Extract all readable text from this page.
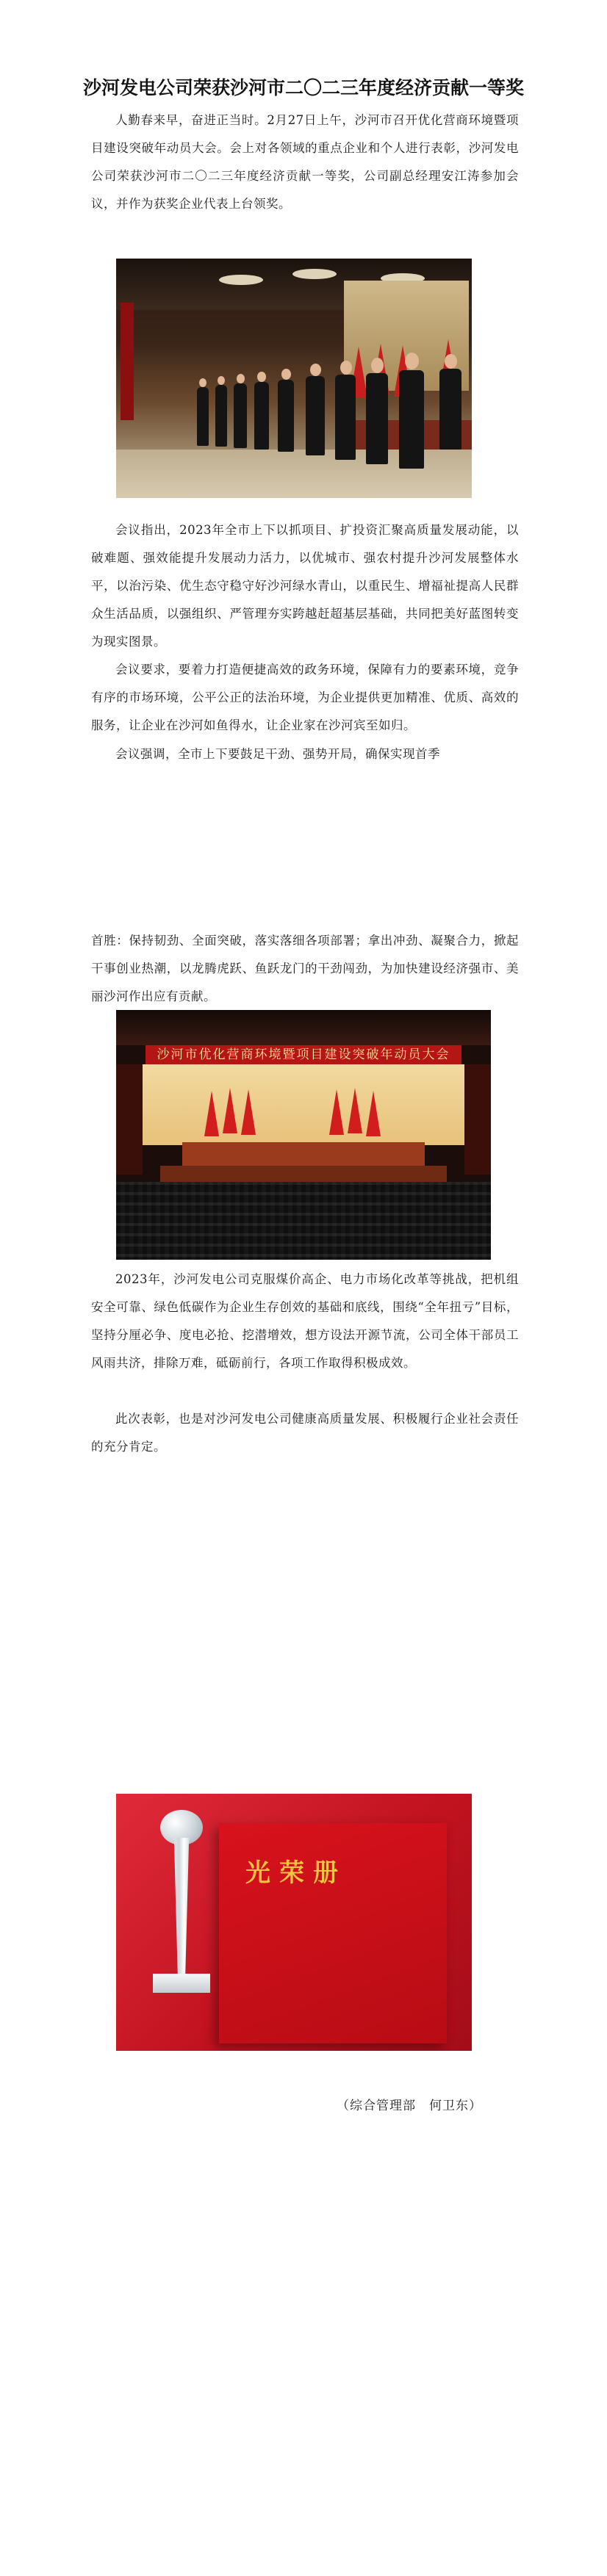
沙河发电公司荣获沙河市二〇二三年度经济贡献一等奖

人勤春来早，奋进正当时。2月27日上午，沙河市召开优化营商环境暨项目建设突破年动员大会。会上对各领域的重点企业和个人进行表彰，沙河发电公司荣获沙河市二〇二三年度经济贡献一等奖，公司副总经理安江涛参加会议，并作为获奖企业代表上台领奖。

会议指出，2023年全市上下以抓项目、扩投资汇聚高质量发展动能，以破难题、强效能提升发展动力活力，以优城市、强农村提升沙河发展整体水平，以治污染、优生态守稳守好沙河绿水青山，以重民生、增福祉提高人民群众生活品质，以强组织、严管理夯实跨越赶超基层基础，共同把美好蓝图转变为现实图景。

会议要求，要着力打造便捷高效的政务环境，保障有力的要素环境，竞争有序的市场环境，公平公正的法治环境，为企业提供更加精准、优质、高效的服务，让企业在沙河如鱼得水，让企业家在沙河宾至如归。

会议强调，全市上下要鼓足干劲、强势开局，确保实现首季

首胜：保持韧劲、全面突破，落实落细各项部署；拿出冲劲、凝聚合力，掀起干事创业热潮，以龙腾虎跃、鱼跃龙门的干劲闯劲，为加快建设经济强市、美丽沙河作出应有贡献。

沙河市优化营商环境暨项目建设突破年动员大会

2023年，沙河发电公司克服煤价高企、电力市场化改革等挑战，把机组安全可靠、绿色低碳作为企业生存创效的基础和底线，围绕“全年扭亏”目标，坚持分厘必争、度电必抢、挖潜增效，想方设法开源节流，公司全体干部员工风雨共济，排除万难，砥砺前行，各项工作取得积极成效。

此次表彰，也是对沙河发电公司健康高质量发展、积极履行企业社会责任的充分肯定。

光荣册
（综合管理部　何卫东）
